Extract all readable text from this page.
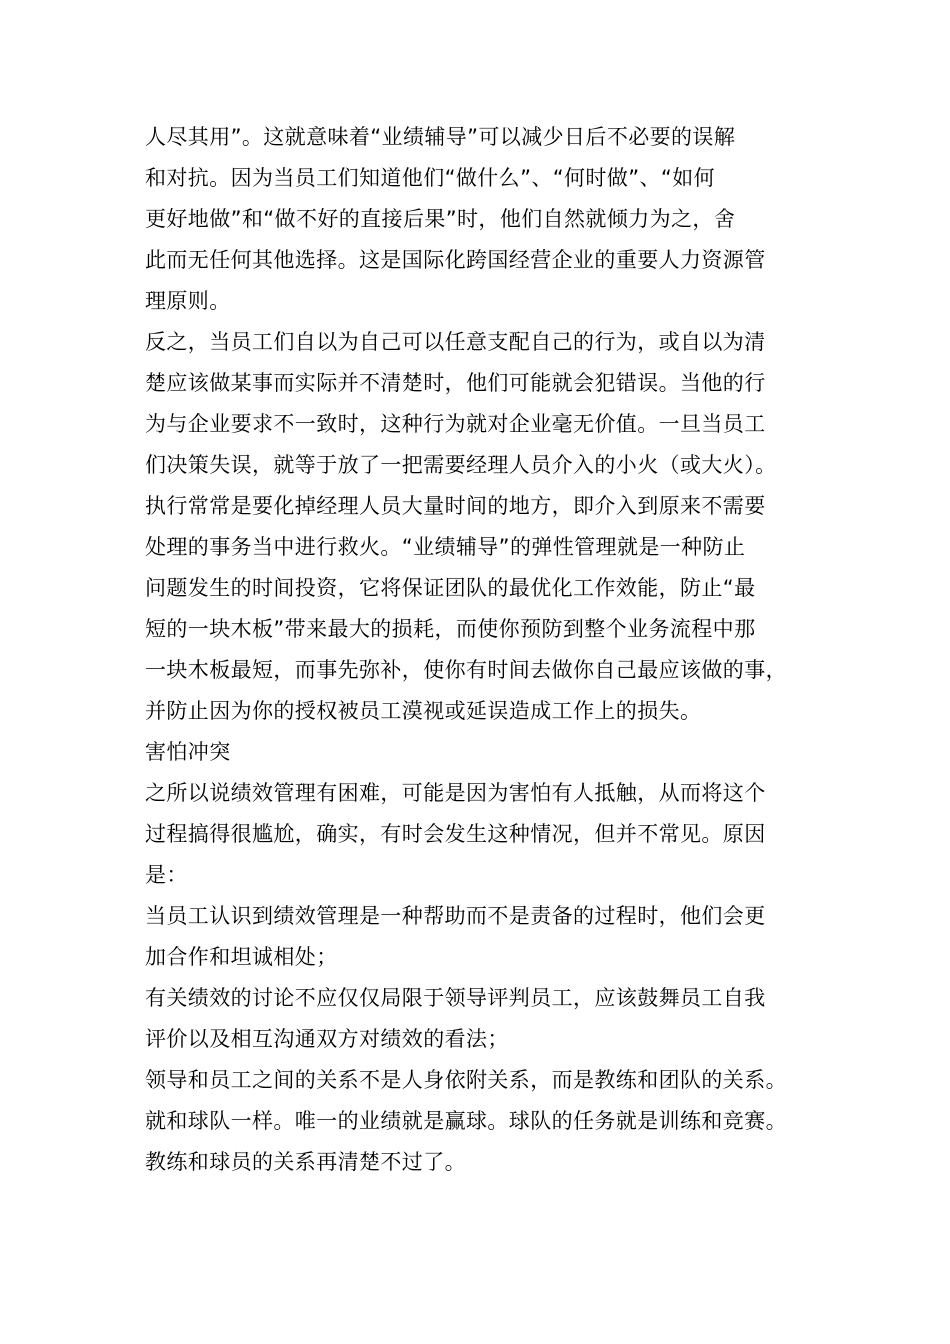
人尽其用”。这就意味着“业绩辅导”可以减少日后不必要的误解
和对抗。因为当员工们知道他们“做什么”、“何时做”、“如何
更好地做”和“做不好的直接后果”时，他们自然就倾力为之，舍
此而无任何其他选择。这是国际化跨国经营企业的重要人力资源管
理原则。
反之，当员工们自以为自己可以任意支配自己的行为，或自以为清
楚应该做某事而实际并不清楚时，他们可能就会犯错误。当他的行
为与企业要求不一致时，这种行为就对企业毫无价值。一旦当员工
们决策失误，就等于放了一把需要经理人员介入的小火（或大火）。
执行常常是要化掉经理人员大量时间的地方，即介入到原来不需要
处理的事务当中进行救火。“业绩辅导”的弹性管理就是一种防止
问题发生的时间投资，它将保证团队的最优化工作效能，防止“最
短的一块木板”带来最大的损耗，而使你预防到整个业务流程中那
一块木板最短，而事先弥补，使你有时间去做你自己最应该做的事，
并防止因为你的授权被员工漠视或延误造成工作上的损失。
害怕冲突
之所以说绩效管理有困难，可能是因为害怕有人抵触，从而将这个
过程搞得很尴尬，确实，有时会发生这种情况，但并不常见。原因
是：
当员工认识到绩效管理是一种帮助而不是责备的过程时，他们会更
加合作和坦诚相处；
有关绩效的讨论不应仅仅局限于领导评判员工，应该鼓舞员工自我
评价以及相互沟通双方对绩效的看法；
领导和员工之间的关系不是人身依附关系，而是教练和团队的关系。
就和球队一样。唯一的业绩就是赢球。球队的任务就是训练和竞赛。
教练和球员的关系再清楚不过了。
